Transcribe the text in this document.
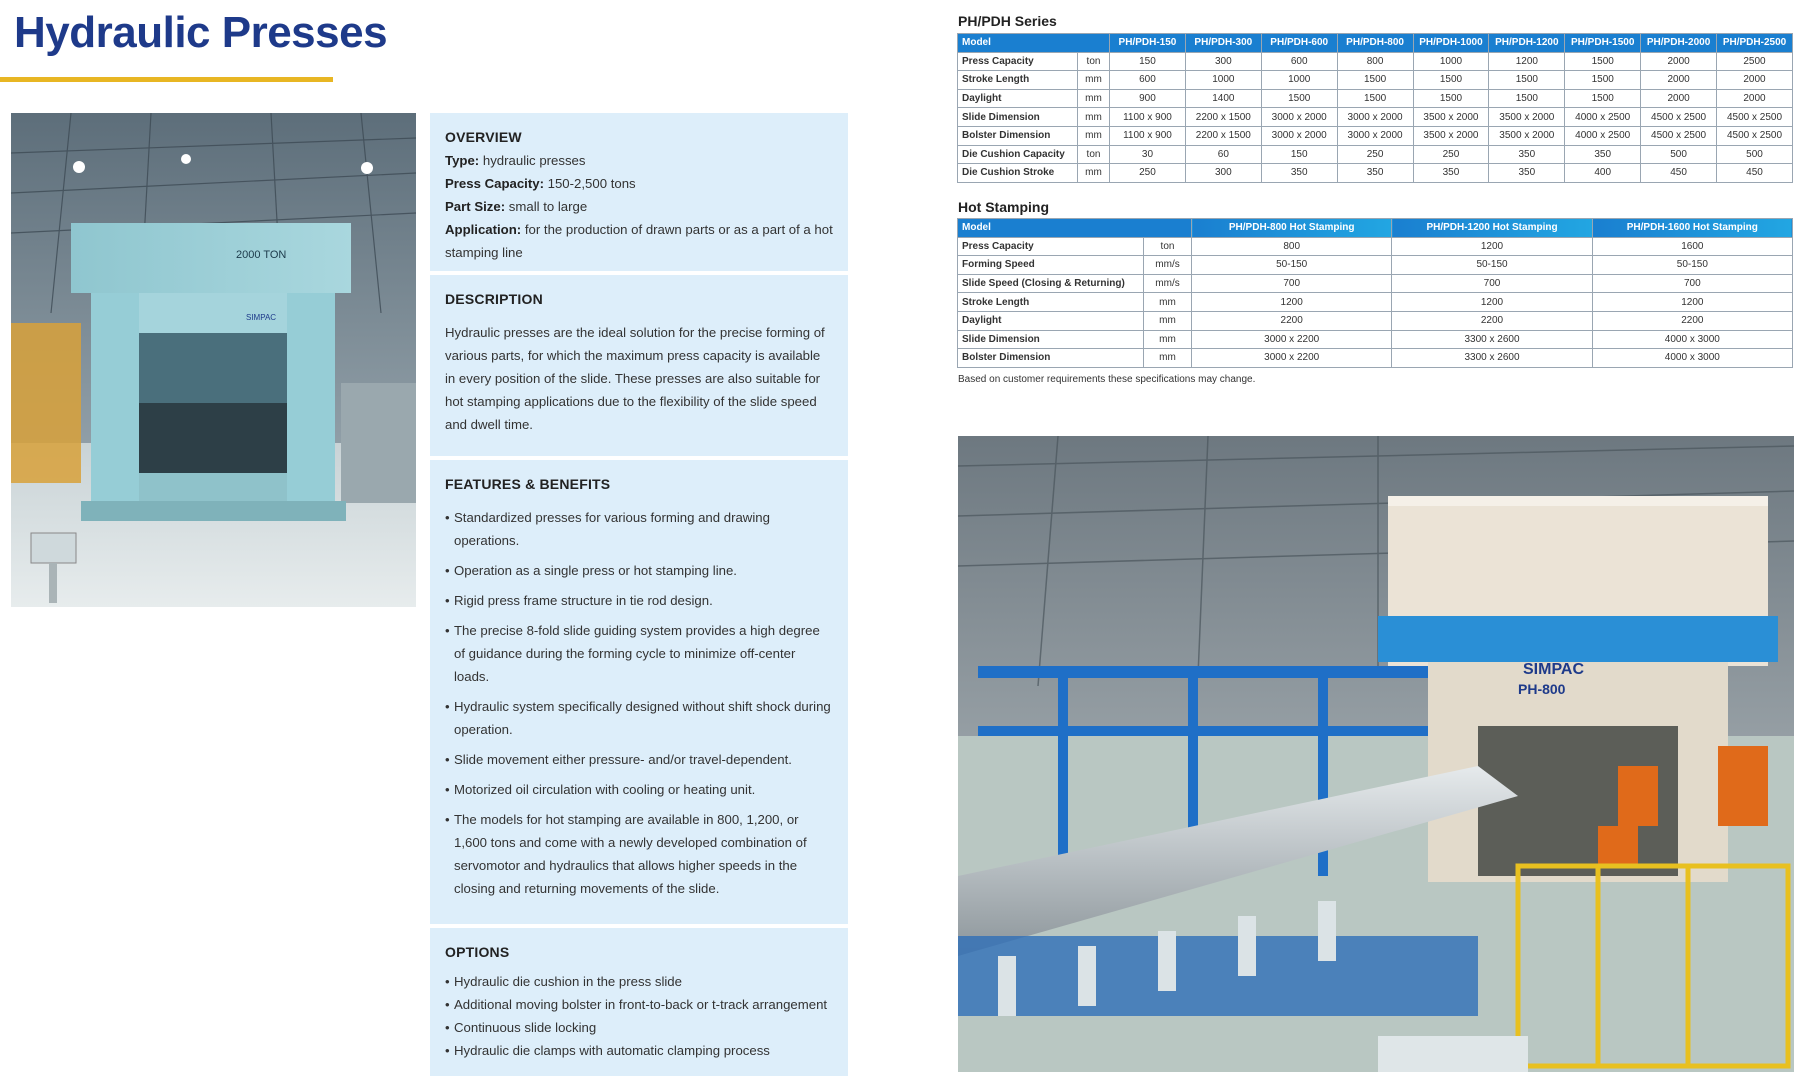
Hydraulic Presses
2000 TON
SIMPAC
OVERVIEW
Type: hydraulic presses
Press Capacity: 150-2,500 tons
Part Size: small to large
Application: for the production of drawn parts or as a part of a hot stamping line
DESCRIPTION

Hydraulic presses are the ideal solution for the precise forming of various parts, for which the maximum press capacity is available in every position of the slide. These presses are also suitable for hot stamping applications due to the flexibility of the slide speed and dwell time.

FEATURES & BENEFITS
• Standardized presses for various forming and drawing operations.
• Operation as a single press or hot stamping line.
• Rigid press frame structure in tie rod design.
• The precise 8-fold slide guiding system provides a high degree of guidance during the forming cycle to minimize off-center loads.
• Hydraulic system specifically designed without shift shock during operation.
• Slide movement either pressure- and/or travel-dependent.
• Motorized oil circulation with cooling or heating unit.
• The models for hot stamping are available in 800, 1,200, or 1,600 tons and come with a newly developed combination of servomotor and hydraulics that allows higher speeds in the closing and returning movements of the slide.
OPTIONS
• Hydraulic die cushion in the press slide
• Additional moving bolster in front-to-back or t-track arrangement
• Continuous slide locking
• Hydraulic die clamps with automatic clamping process
PH/PDH Series
Model		PH/PDH-150	PH/PDH-300	PH/PDH-600	PH/PDH-800	PH/PDH-1000	PH/PDH-1200	PH/PDH-1500	PH/PDH-2000	PH/PDH-2500
Press Capacity	ton	150	300	600	800	1000	1200	1500	2000	2500
Stroke Length	mm	600	1000	1000	1500	1500	1500	1500	2000	2000
Daylight	mm	900	1400	1500	1500	1500	1500	1500	2000	2000
Slide Dimension	mm	1100 x 900	2200 x 1500	3000 x 2000	3000 x 2000	3500 x 2000	3500 x 2000	4000 x 2500	4500 x 2500	4500 x 2500
Bolster Dimension	mm	1100 x 900	2200 x 1500	3000 x 2000	3000 x 2000	3500 x 2000	3500 x 2000	4000 x 2500	4500 x 2500	4500 x 2500
Die Cushion Capacity	ton	30	60	150	250	250	350	350	500	500
Die Cushion Stroke	mm	250	300	350	350	350	350	400	450	450
Hot Stamping
Model		PH/PDH-800 Hot Stamping	PH/PDH-1200 Hot Stamping	PH/PDH-1600 Hot Stamping
Press Capacity	ton	800	1200	1600
Forming Speed	mm/s	50-150	50-150	50-150
Slide Speed (Closing & Returning)	mm/s	700	700	700
Stroke Length	mm	1200	1200	1200
Daylight	mm	2200	2200	2200
Slide Dimension	mm	3000 x 2200	3300 x 2600	4000 x 3000
Bolster Dimension	mm	3000 x 2200	3300 x 2600	4000 x 3000
Based on customer requirements these specifications may change.
SIMPAC
PH-800
